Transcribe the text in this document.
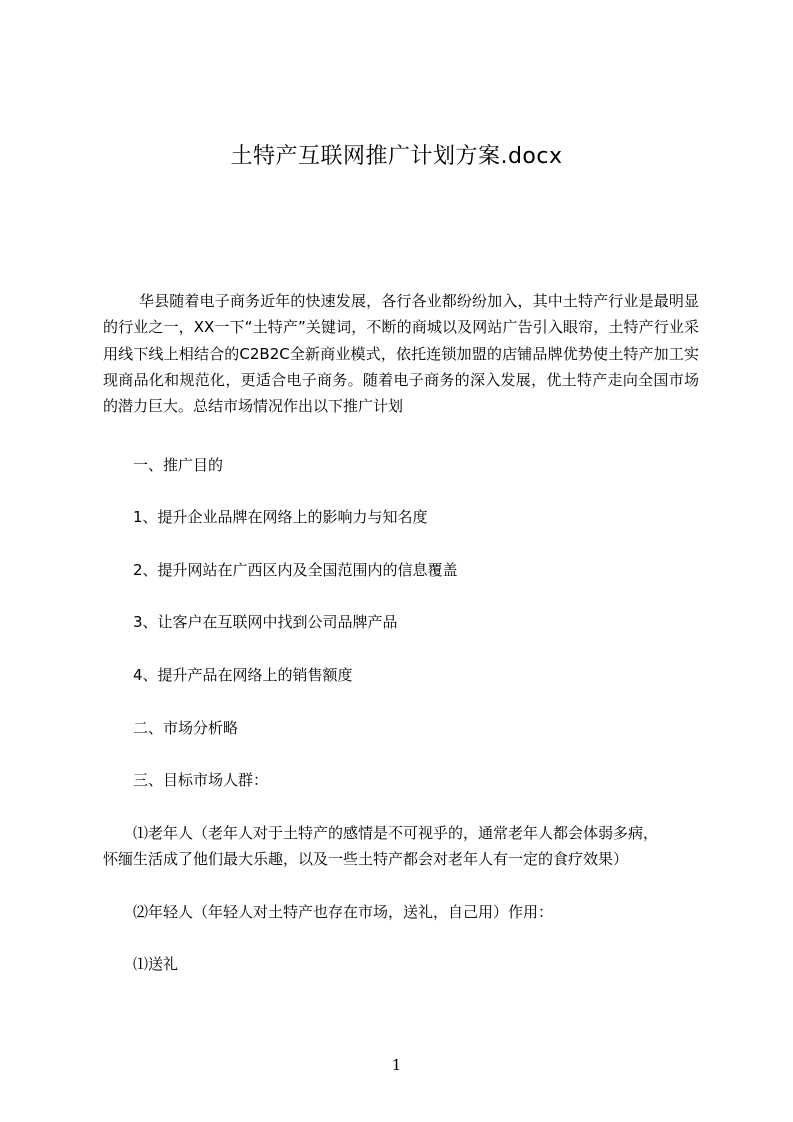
土特产互联网推广计划方案.docx

华县随着电子商务近年的快速发展，各行各业都纷纷加入，其中土特产行业是最明显的行业之一，XX一下“土特产”关键词，不断的商城以及网站广告引入眼帘，土特产行业采用线下线上相结合的C2B2C全新商业模式，依托连锁加盟的店铺品牌优势使土特产加工实现商品化和规范化，更适合电子商务。随着电子商务的深入发展，优土特产走向全国市场的潜力巨大。总结市场情况作出以下推广计划

一、推广目的

1、提升企业品牌在网络上的影响力与知名度

2、提升网站在广西区内及全国范围内的信息覆盖

3、让客户在互联网中找到公司品牌产品

4、提升产品在网络上的销售额度

二、市场分析略

三、目标市场人群：

⑴老年人（老年人对于土特产的感情是不可视乎的，通常老年人都会体弱多病，

怀缅生活成了他们最大乐趣，以及一些土特产都会对老年人有一定的食疗效果）

⑵年轻人（年轻人对土特产也存在市场，送礼，自己用）作用：

⑴送礼

1
